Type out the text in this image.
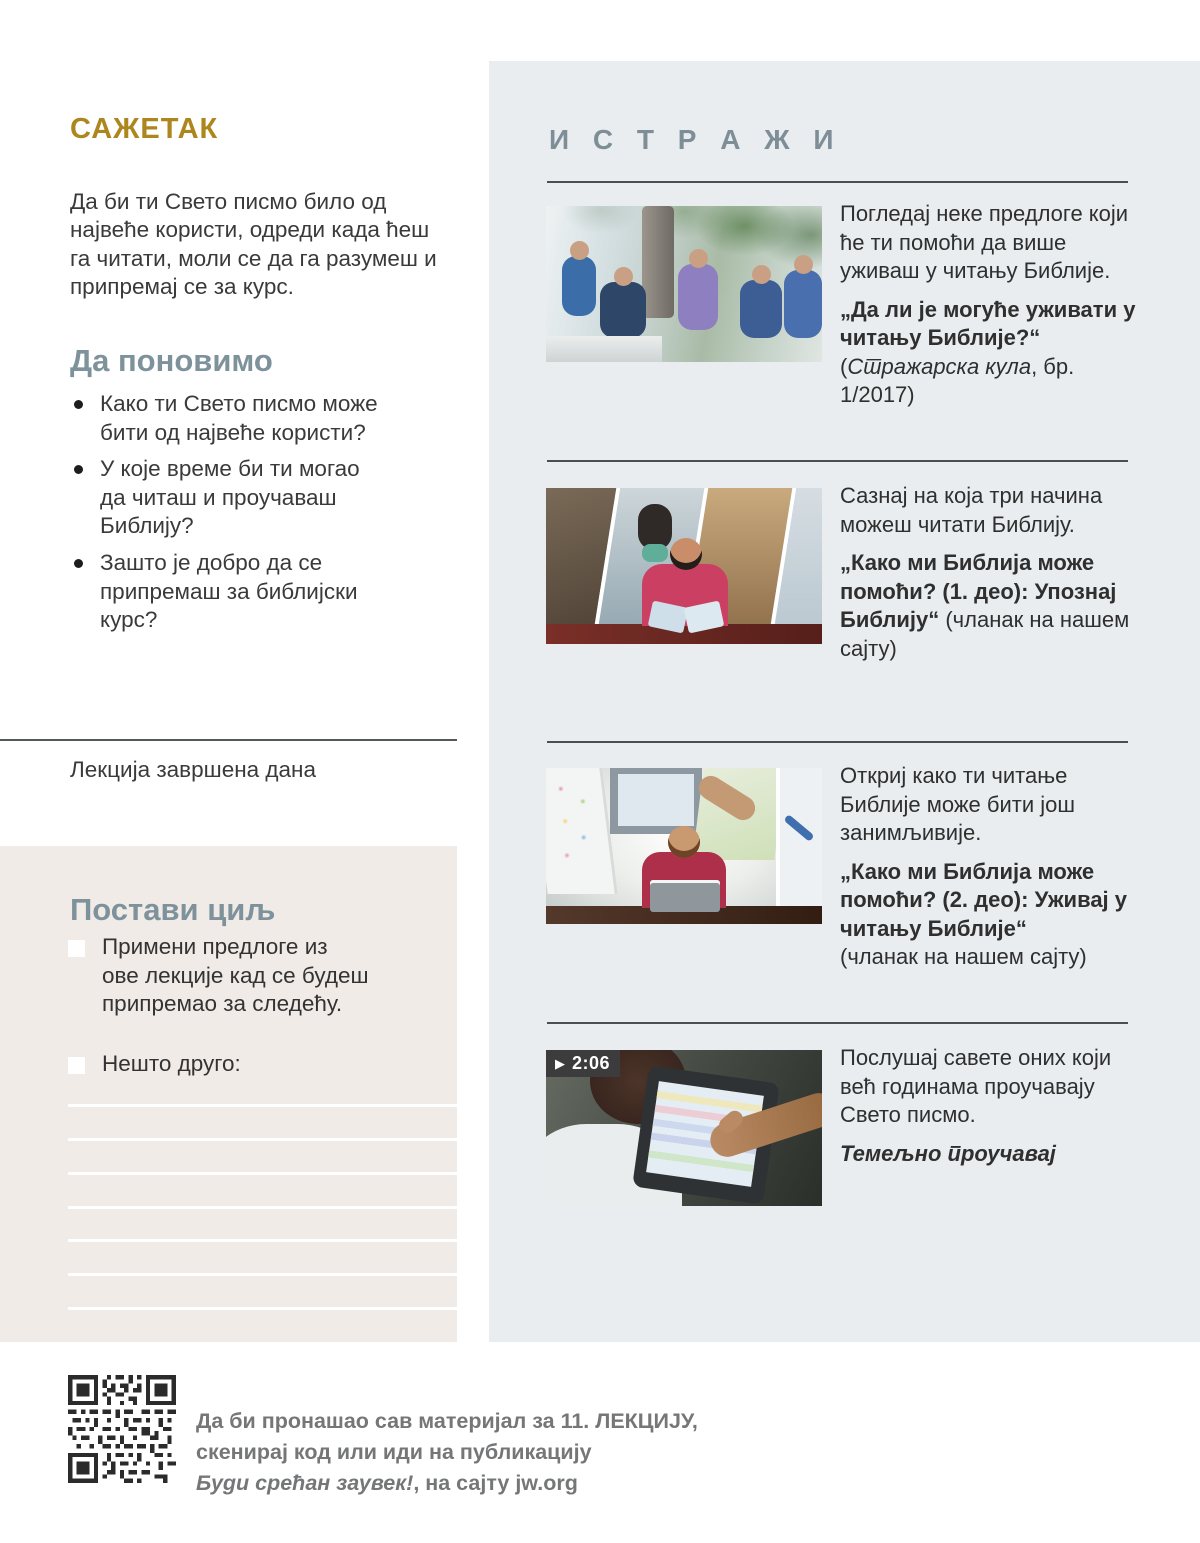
САЖЕТАК

Да би ти Свето писмо било од највеће користи, одреди када ћеш га читати, моли се да га разумеш и припремај се за курс.

Да поновимо
Како ти Свето писмо може бити од највеће користи?
У које време би ти могао да читаш и проучаваш Библију?
Зашто је добро да се припремаш за библијски курс?
Лекција завршена дана
Постави циљ
Примени предлоге из ове лекције кад се будеш припремао за следећу.
Нешто друго:
И С Т Р А Ж И

Погледај неке предлоге који ће ти помоћи да више уживаш у читању Библије.

„Да ли је могуће уживати у читању Библије?“

(Стражарска кула, бр. 1/2017)

Сазнај на која три начина можеш читати Библију.

„Како ми Библија може помоћи? (1. део): Упознај Библију“ (чланак на нашем сајту)

Откриј како ти читање Библије може бити још занимљивије.

„Како ми Библија може помоћи? (2. део): Уживај у читању Библије“
(чланак на нашем сајту)

▶ 2:06	Послушај савете оних који већ годинама проучавају Свето писмо.

Темељно проучавај

Да би пронашао сав материјал за 11. ЛЕКЦИЈУ,
скенирај код или иди на публикацију
Буди срећан заувек!, на сајту jw.org
